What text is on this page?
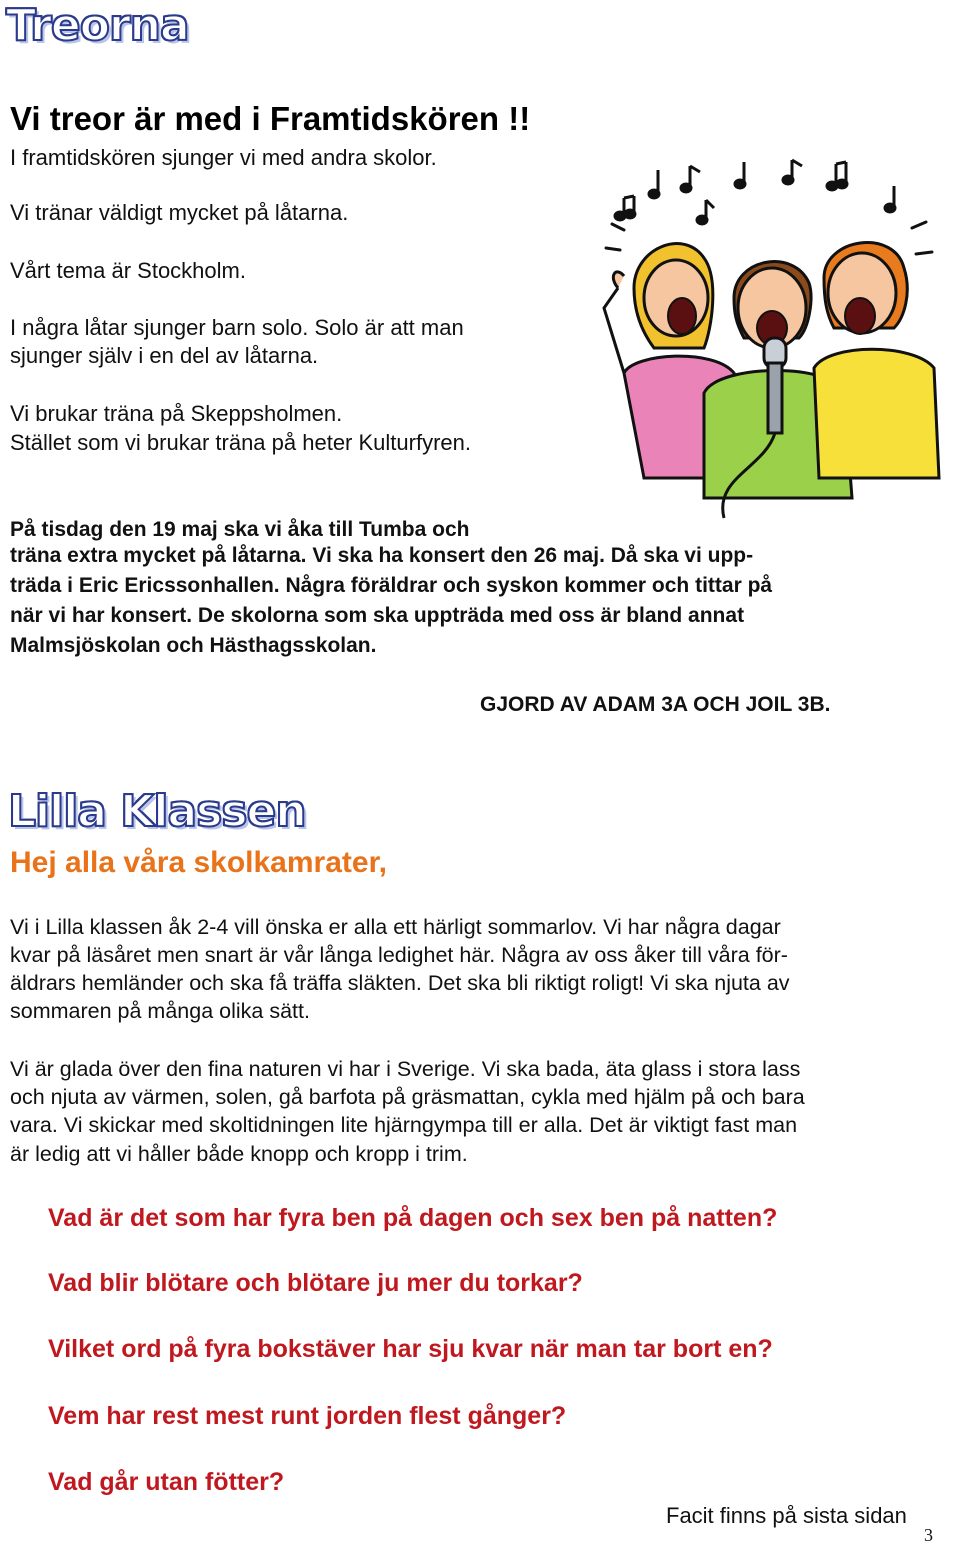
Treorna
Vi treor är med i Framtidskören !!
I framtidskören sjunger vi med andra skolor.
Vi tränar väldigt mycket på låtarna.
Vårt tema är Stockholm.
I några låtar sjunger barn solo. Solo är att man
sjunger själv i en del av låtarna.
Vi brukar träna på Skeppsholmen.
Stället som vi brukar träna på heter Kulturfyren.
På tisdag den 19 maj ska vi åka till Tumba och
träna extra mycket på låtarna. Vi ska ha konsert den 26 maj. Då ska vi upp-
träda i Eric Ericssonhallen. Några föräldrar och syskon kommer och tittar på
när vi har konsert. De skolorna som ska uppträda med oss är bland annat
Malmsjöskolan och Hästhagsskolan.
GJORD AV ADAM 3A OCH JOIL 3B.
Lilla Klassen
Hej alla våra skolkamrater,
Vi i Lilla klassen åk 2-4 vill önska er alla ett härligt sommarlov. Vi har några dagar
kvar på läsåret men snart är vår långa ledighet här. Några av oss åker till våra för-
äldrars hemländer och ska få träffa släkten. Det ska bli riktigt roligt! Vi ska njuta av
sommaren på många olika sätt.
Vi är glada över den fina naturen vi har i Sverige. Vi ska bada, äta glass i stora lass
och njuta av värmen, solen, gå barfota på gräsmattan, cykla med hjälm på och bara
vara. Vi skickar med skoltidningen lite hjärngympa till er alla. Det är viktigt fast man
är ledig att vi håller både knopp och kropp i trim.
Vad är det som har fyra ben på dagen och sex ben på natten?
Vad blir blötare och blötare ju mer du torkar?
Vilket ord på fyra bokstäver har sju kvar när man tar bort en?
Vem har rest mest runt jorden flest gånger?
Vad går utan fötter?
Facit finns på sista sidan
3
